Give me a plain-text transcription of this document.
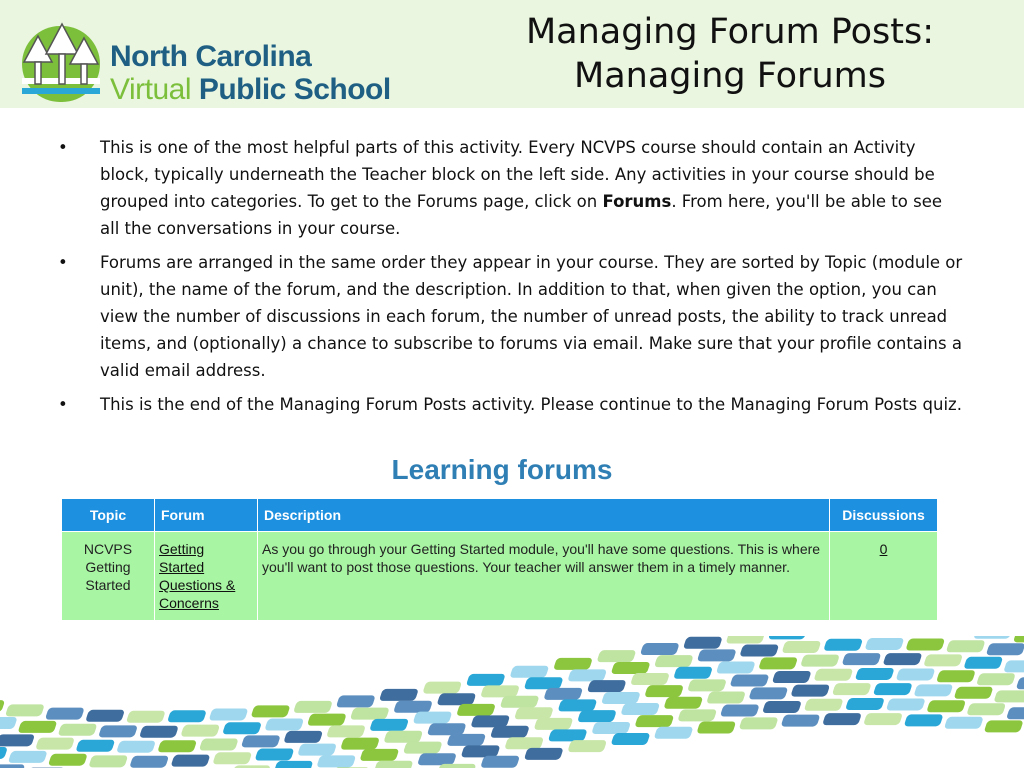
North Carolina
Virtual Public School
Managing Forum Posts:
Managing Forums
• This is one of the most helpful parts of this activity. Every NCVPS course should contain an Activity block, typically underneath the Teacher block on the left side. Any activities in your course should be grouped into categories. To get to the Forums page, click on Forums. From here, you'll be able to see all the conversations in your course.
• Forums are arranged in the same order they appear in your course. They are sorted by Topic (module or unit), the name of the forum, and the description. In addition to that, when given the option, you can view the number of discussions in each forum, the number of unread posts, the ability to track unread items, and (optionally) a chance to subscribe to forums via email. Make sure that your profile contains a valid email address.
• This is the end of the Managing Forum Posts activity. Please continue to the Managing Forum Posts quiz.
Learning forums
Topic	Forum	Description	Discussions
NCVPS Getting Started	Getting Started Questions & Concerns	As you go through your Getting Started module, you'll have some questions. This is where you'll want to post those questions. Your teacher will answer them in a timely manner.	0
